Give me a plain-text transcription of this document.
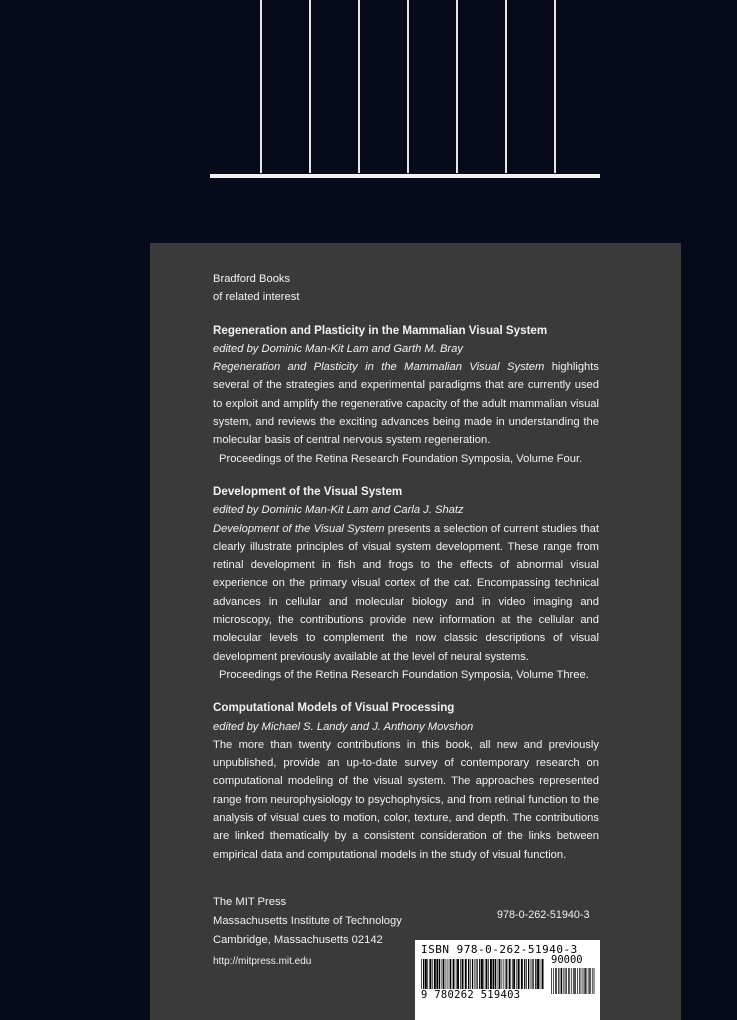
Bradford Books
of related interest
Regeneration and Plasticity in the Mammalian Visual System
edited by Dominic Man-Kit Lam and Garth M. Bray
Regeneration and Plasticity in the Mammalian Visual System highlights several of the strategies and experimental paradigms that are currently used to exploit and amplify the regenerative capacity of the adult mammalian visual system, and reviews the exciting advances being made in understanding the molecular basis of central nervous system regeneration.
Proceedings of the Retina Research Foundation Symposia, Volume Four.
Development of the Visual System
edited by Dominic Man-Kit Lam and Carla J. Shatz
Development of the Visual System presents a selection of current studies that clearly illustrate principles of visual system development. These range from retinal development in fish and frogs to the effects of abnormal visual experience on the primary visual cortex of the cat. Encompassing technical advances in cellular and molecular biology and in video imaging and microscopy, the contributions provide new information at the cellular and molecular levels to complement the now classic descriptions of visual development previously available at the level of neural systems.
Proceedings of the Retina Research Foundation Symposia, Volume Three.
Computational Models of Visual Processing
edited by Michael S. Landy and J. Anthony Movshon
The more than twenty contributions in this book, all new and previously unpublished, provide an up-to-date survey of contemporary research on computational modeling of the visual system. The approaches represented range from neurophysiology to psychophysics, and from retinal function to the analysis of visual cues to motion, color, texture, and depth. The contributions are linked thematically by a consistent consideration of the links between empirical data and computational models in the study of visual function.
The MIT Press
Massachusetts Institute of Technology
Cambridge, Massachusetts 02142
http://mitpress.mit.edu
978-0-262-51940-3
ISBN 978-0-262-51940-3
90000
9 780262 519403
